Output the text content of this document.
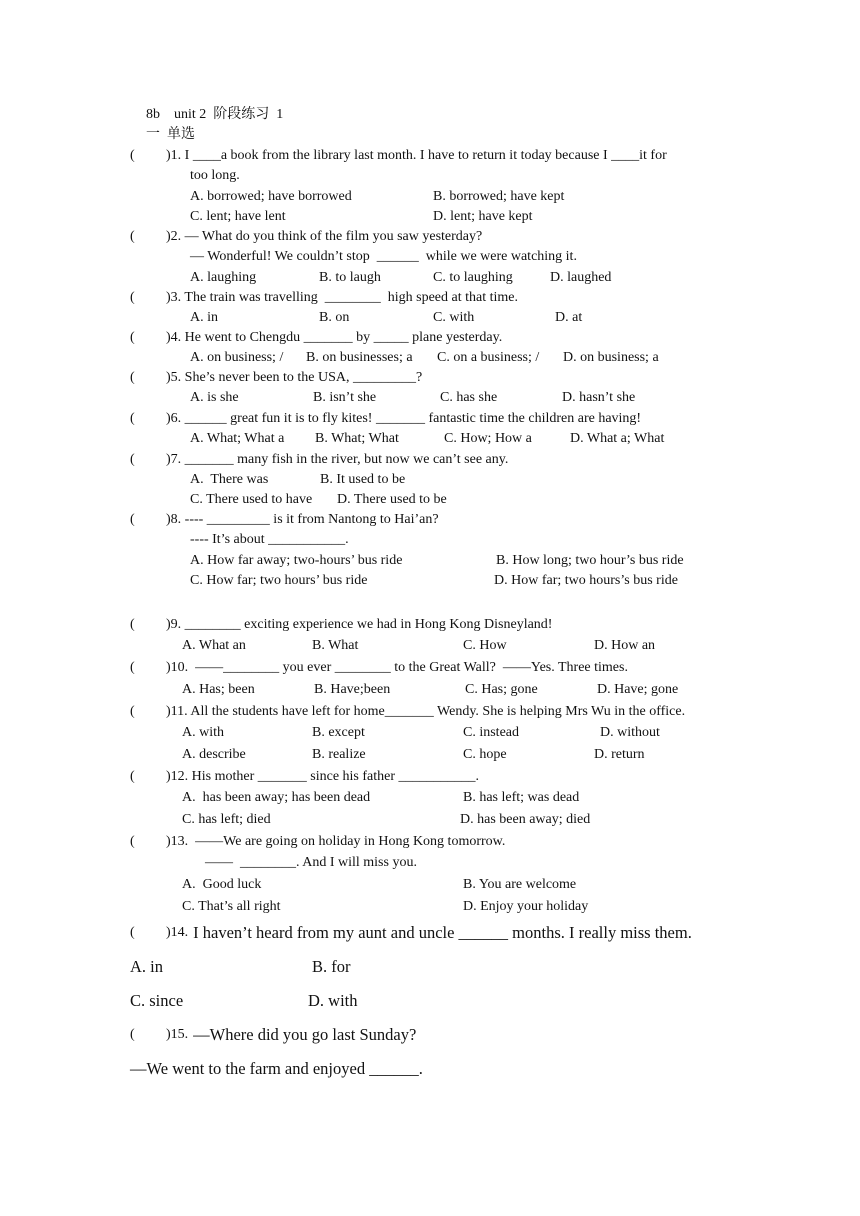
8b    unit 2  阶段练习  1
一  单选
( )1. I ____a book from the library last month. I have to return it today because I ____it for
too long.
A. borrowed; have borrowed	B. borrowed; have kept
C. lent; have lent	D. lent; have kept
( )2. — What do you think of the film you saw yesterday?
— Wonderful! We couldn’t stop  ______  while we were watching it.
A. laughing	B. to laugh	C. to laughing	D. laughed
( )3. The train was travelling  ________  high speed at that time.
A. in	B. on	C. with	D. at
( )4. He went to Chengdu _______ by _____ plane yesterday.
A. on business; / B. on businesses; a C. on a business; / D. on business; a
( )5. She’s never been to the USA, _________?
A. is she	B. isn’t she	C. has she	D. hasn’t she
( )6. ______ great fun it is to fly kites! _______ fantastic time the children are having!
A. What; What a B. What; What	C. How; How a	D. What a; What
( )7. _______ many fish in the river, but now we can’t see any.
A.  There was	B. It used to be
C. There used to have D. There used to be
( )8. ---- _________ is it from Nantong to Hai’an?
---- It’s about ___________.
A. How far away; two-hours’ bus ride	B. How long; two hour’s bus ride
C. How far; two hours’ bus ride	D. How far; two hours’s bus ride
( )9. ________ exciting experience we had in Hong Kong Disneyland!
A. What an	B. What	C. How	D. How an
( )10.  ——________ you ever ________ to the Great Wall?  ——Yes. Three times.
A. Has; been	B. Have;been	C. Has; gone	D. Have; gone
( )11. All the students have left for home_______ Wendy. She is helping Mrs Wu in the office.
A. with	B. except	C. instead	D. without
A. describe	B. realize	C. hope	D. return
( )12. His mother _______ since his father ___________.
A.  has been away; has been dead	B. has left; was dead
C. has left; died	D. has been away; died
( )13.  ——We are going on holiday in Hong Kong tomorrow.
——  ________. And I will miss you.
A.  Good luck	B. You are welcome
C. That’s all right	D. Enjoy your holiday
( )14. I haven’t heard from my aunt and uncle ______ months. I really miss them.
A. in	B. for
C. since	D. with
( )15. —Where did you go last Sunday?
—We went to the farm and enjoyed ______.
